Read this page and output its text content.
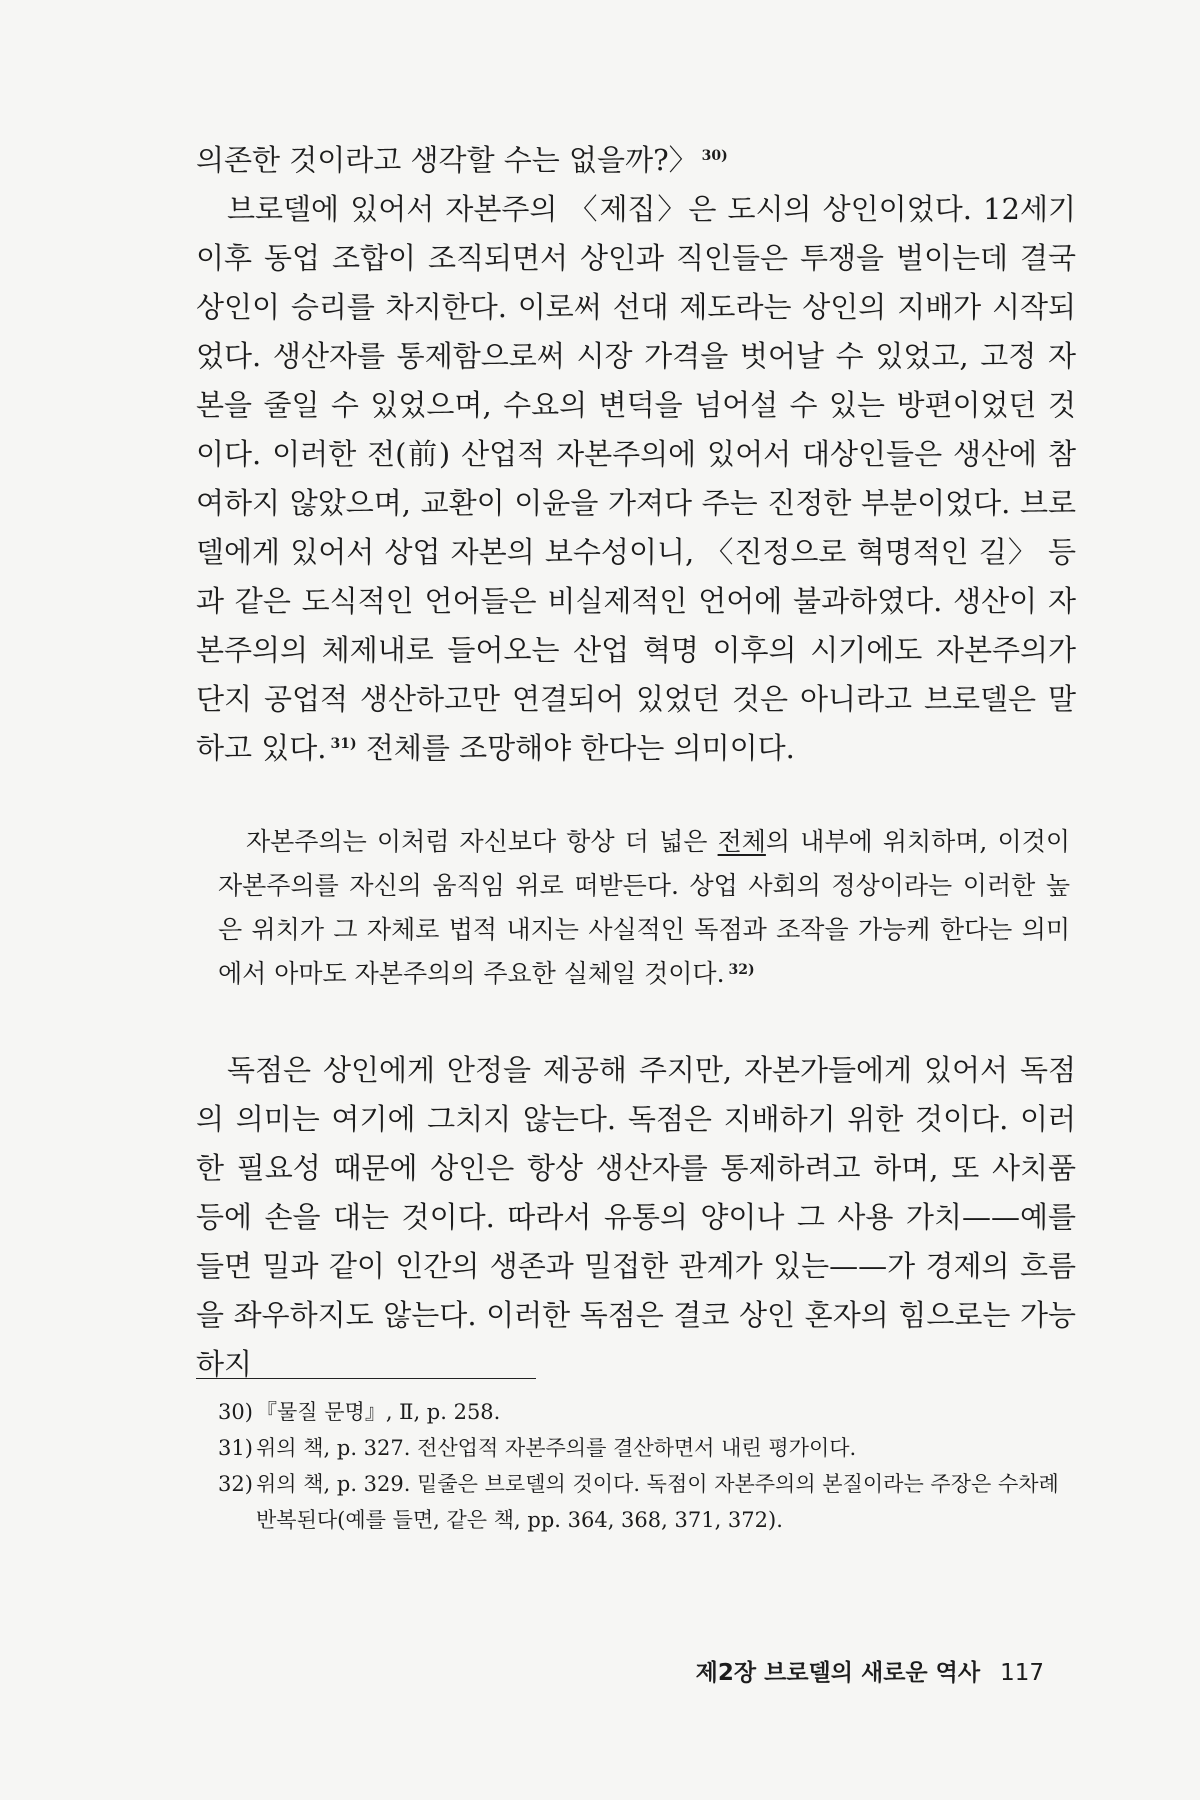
의존한 것이라고 생각할 수는 없을까?〉 $^{30)}$

브로델에 있어서 자본주의 〈제집〉은 도시의 상인이었다. 12세기 이후 동업 조합이 조직되면서 상인과 직인들은 투쟁을 벌이는데 결국 상인이 승리를 차지한다. 이로써 선대 제도라는 상인의 지배가 시작되었다. 생산자를 통제함으로써 시장 가격을 벗어날 수 있었고, 고정 자본을 줄일 수 있었으며, 수요의 변덕을 넘어설 수 있는 방편이었던 것이다. 이러한 전(前) 산업적 자본주의에 있어서 대상인들은 생산에 참여하지 않았으며, 교환이 이윤을 가져다 주는 진정한 부분이었다. 브로델에게 있어서 상업 자본의 보수성이니, 〈진정으로 혁명적인 길〉 등과 같은 도식적인 언어들은 비실제적인 언어에 불과하였다. 생산이 자본주의의 체제내로 들어오는 산업 혁명 이후의 시기에도 자본주의가 단지 공업적 생산하고만 연결되어 있었던 것은 아니라고 브로델은 말하고 있다. $^{31)}$ 전체를 조망해야 한다는 의미이다.

자본주의는 이처럼 자신보다 항상 더 넓은 전체의 내부에 위치하며, 이것이 자본주의를 자신의 움직임 위로 떠받든다. 상업 사회의 정상이라는 이러한 높은 위치가 그 자체로 법적 내지는 사실적인 독점과 조작을 가능케 한다는 의미에서 아마도 자본주의의 주요한 실체일 것이다. $^{32)}$

독점은 상인에게 안정을 제공해 주지만, 자본가들에게 있어서 독점의 의미는 여기에 그치지 않는다. 독점은 지배하기 위한 것이다. 이러한 필요성 때문에 상인은 항상 생산자를 통제하려고 하며, 또 사치품 등에 손을 대는 것이다. 따라서 유통의 양이나 그 사용 가치——예를 들면 밀과 같이 인간의 생존과 밀접한 관계가 있는——가 경제의 흐름을 좌우하지도 않는다. 이러한 독점은 결코 상인 혼자의 힘으로는 가능하지

30) 『물질 문명』, Ⅱ, p. 258.
31) 위의 책, p. 327. 전산업적 자본주의를 결산하면서 내린 평가이다.
32) 위의 책, p. 329. 밑줄은 브로델의 것이다. 독점이 자본주의의 본질이라는 주장은 수차례 반복된다(예를 들면, 같은 책, pp. 364, 368, 371, 372).
제2장 브로델의 새로운 역사 117
